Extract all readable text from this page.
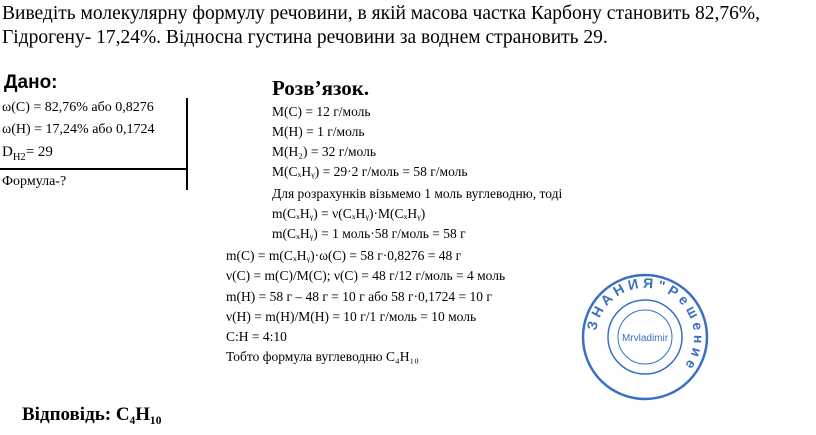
Виведіть молекулярну формулу речовини, в якій масова частка Карбону становить 82,76%, Гідрогену- 17,24%. Відносна густина речовини за воднем страновить 29.
Дано:
ω(С) = 82,76% або 0,8276
ω(Н) = 17,24% або 0,1724
$D_{H2}= 29$
Формула-?
Розв’язок.
M(C) = 12 г/моль
M(H) = 1 г/моль
M(H₂) = 32 г/моль
M(CₓHᵧ) = 29·2 г/моль = 58 г/моль
Для розрахунків візьмемо 1 моль вуглеводню, тоді
m(CₓHᵧ) = ν(CₓHᵧ)·M(CₓHᵧ)
m(CₓHᵧ) = 1 моль·58 г/моль = 58 г
m(C) = m(CₓHᵧ)·ω(C) = 58 г·0,8276 = 48 г
ν(C) = m(C)/M(C); ν(C) = 48 г/12 г/моль = 4 моль
m(H) = 58 г – 48 г = 10 г або 58 г·0,1724 = 10 г
ν(H) = m(H)/M(H) = 10 г/1 г/моль = 10 моль
C:H = 4:10
Тобто формула вуглеводню C₄H₁₀
Відповідь: C₄H₁₀
З Н А Н И Я " Р е ш е н и е
Mrvladimir
